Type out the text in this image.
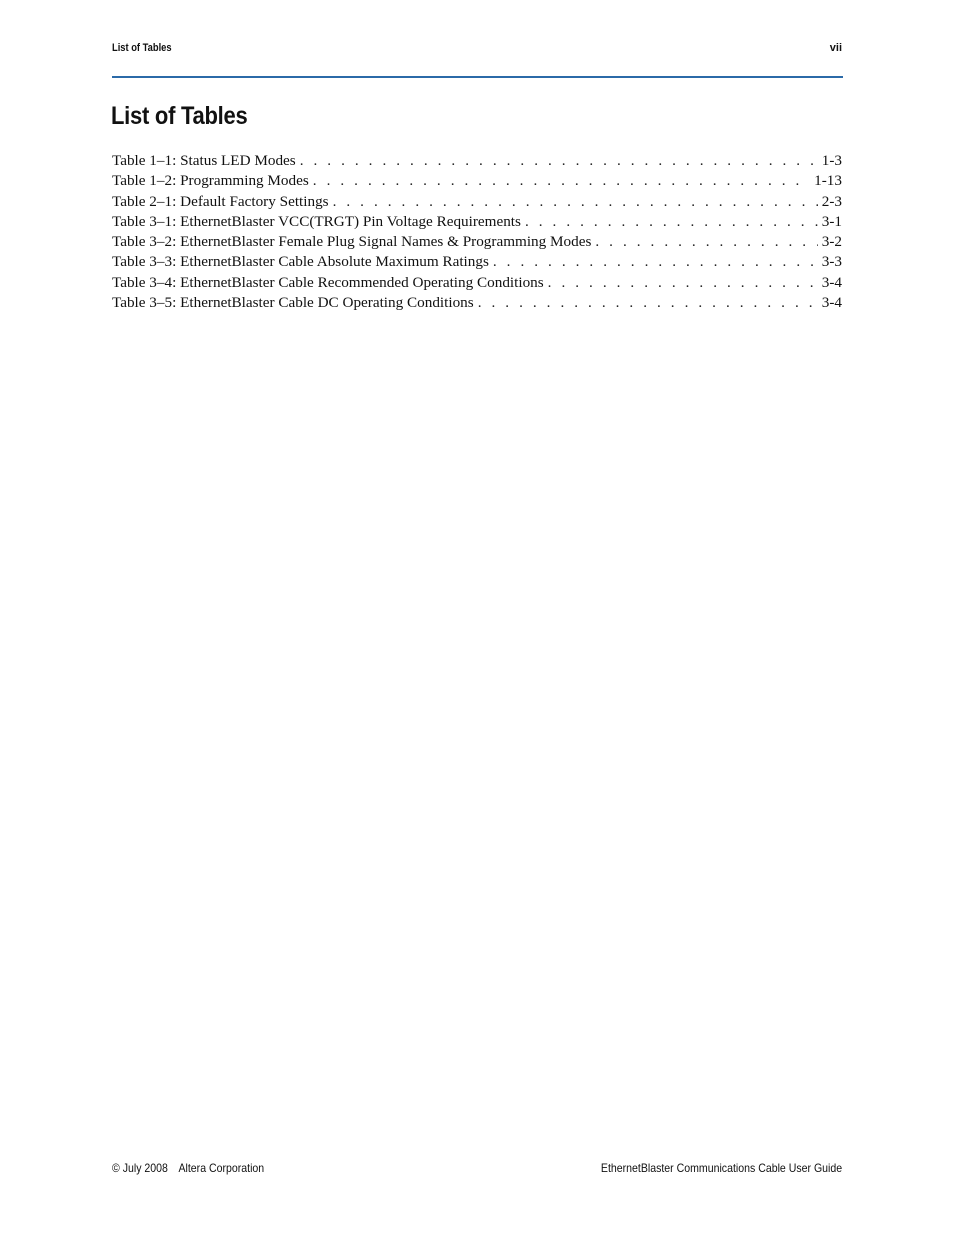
List of Tables	vii
List of Tables
Table 1–1: Status LED Modes . . .	1-3
Table 1–2: Programming Modes . . .	1-13
Table 2–1: Default Factory Settings . . .	2-3
Table 3–1: EthernetBlaster VCC(TRGT) Pin Voltage Requirements . . .	3-1
Table 3–2: EthernetBlaster Female Plug Signal Names & Programming Modes . . .	3-2
Table 3–3: EthernetBlaster Cable Absolute Maximum Ratings . . .	3-3
Table 3–4: EthernetBlaster Cable Recommended Operating Conditions . . .	3-4
Table 3–5: EthernetBlaster Cable DC Operating Conditions . . .	3-4
© July 2008 Altera Corporation	EthernetBlaster Communications Cable User Guide
